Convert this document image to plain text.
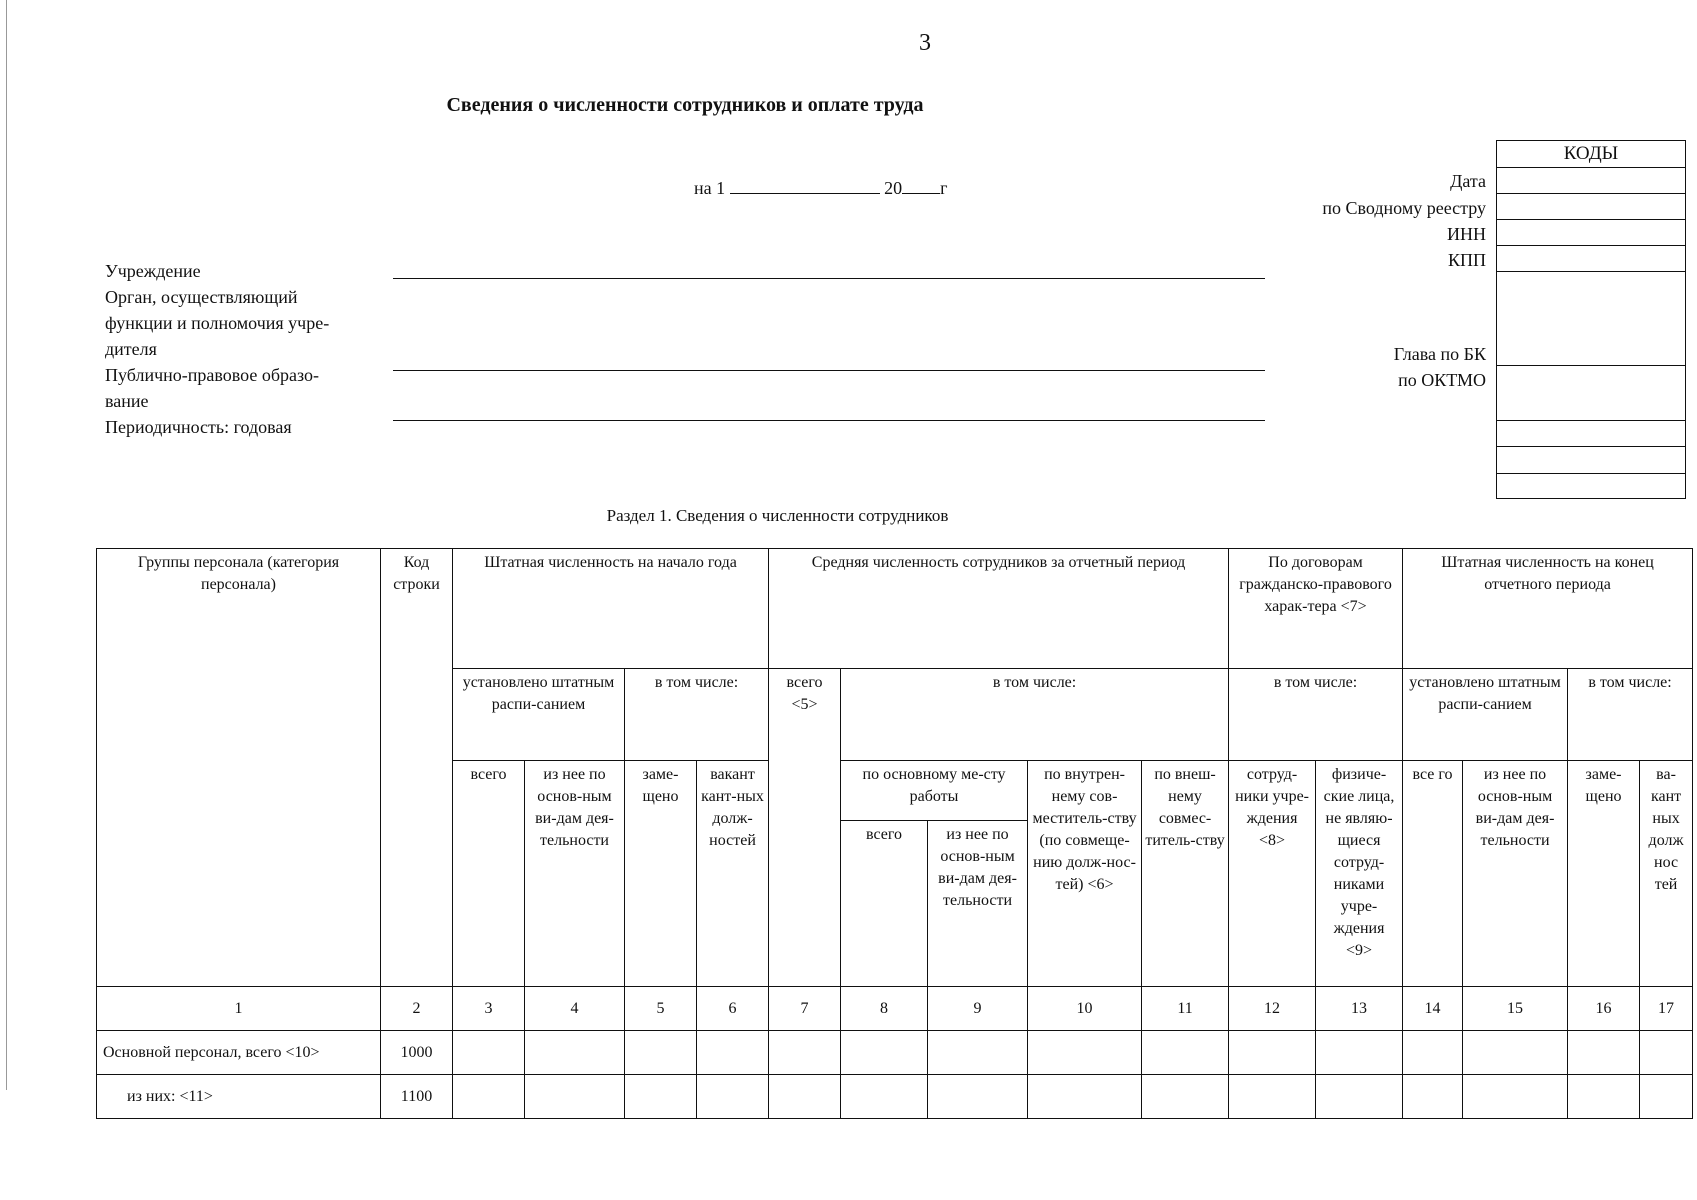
3
Сведения о численности сотрудников и оплате труда
на 1	20 г
Учреждение
Орган, осуществляющий
функции и полномочия учре-
дителя
Публично-правовое образо-
вание
Периодичность: годовая
Дата
по Сводному реестру
ИНН
КПП
Глава по БК
по ОКТМО
КОДЫ
Раздел 1. Сведения о численности сотрудников
Группы персонала (категория персонала)	Код строки	Штатная численность на начало года				Средняя численность сотрудников за отчетный период					По договорам гражданско-правового харак-тера <7>		Штатная численность на конец отчетного периода			
		установлено штатным распи-санием		в том числе:		всего <5>	в том числе:				в том числе:		установлено штатным распи-санием		в том числе:	
		всего	из нее по основ-ным ви-дам дея-тельности	заме-щено	вакант кант-ных долж-ностей		по основному ме-сту работы		по внутрен-нему сов-меститель-ству (по совмеще-нию долж-нос-тей) <6>	по внеш-нему совмес-титель-ству	сотруд-ники учре-ждения <8>	физиче-ские лица, не являю-щиеся сотруд-никами учре-ждения <9>	все го	из нее по основ-ным ви-дам дея-тельности	заме-щено	ва-кант ных долж нос тей
							всего	из нее по основ-ным ви-дам дея-тельности								
1	2	3	4	5	6	7	8	9	10	11	12	13	14	15	16	17
Основной персонал, всего <10>	1000															
из них: <11>	1100															
